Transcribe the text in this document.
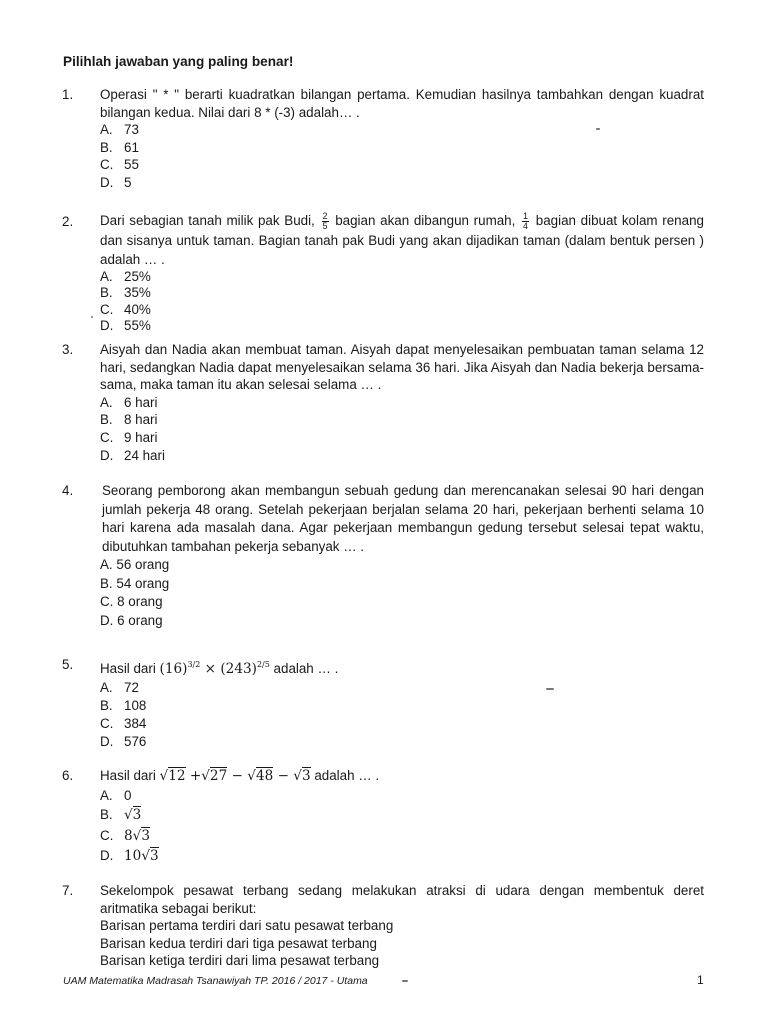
Pilihlah jawaban yang paling benar!
1.	Operasi " * " berarti kuadratkan bilangan pertama. Kemudian hasilnya tambahkan dengan kuadrat bilangan kedua. Nilai dari 8 * (-3) adalah… .
A. 73
B. 61
C. 55
D. 5
2.	Dari sebagian tanah milik pak Budi, $\frac{2}{5}$ bagian akan dibangun rumah, $\frac{1}{4}$ bagian dibuat kolam renang dan sisanya untuk taman. Bagian tanah pak Budi yang akan dijadikan taman (dalam bentuk persen ) adalah … .
A. 25%
B. 35%
C. 40%
D. 55%
3.	Aisyah dan Nadia akan membuat taman. Aisyah dapat menyelesaikan pembuatan taman selama 12 hari, sedangkan Nadia dapat menyelesaikan selama 36 hari. Jika Aisyah dan Nadia bekerja bersama-sama, maka taman itu akan selesai selama … .
A. 6 hari
B. 8 hari
C. 9 hari
D. 24 hari
4.	Seorang pemborong akan membangun sebuah gedung dan merencanakan selesai 90 hari dengan jumlah pekerja 48 orang. Setelah pekerjaan berjalan selama 20 hari, pekerjaan berhenti selama 10 hari karena ada masalah dana. Agar pekerjaan membangun gedung tersebut selesai tepat waktu, dibutuhkan tambahan pekerja sebanyak … .
A. 56 orang
B. 54 orang
C. 8 orang
D. 6 orang
5.	Hasil dari $(16)^{3/2} \times (243)^{2/5}$ adalah … .
A. 72
B. 108
C. 384
D. 576
6.	Hasil dari √12 +√27 − √48 − √3 adalah … .
A. 0
B. √3
C. 8√3
D. 10√3
7.	Sekelompok pesawat terbang sedang melakukan atraksi di udara dengan membentuk deret aritmatika sebagai berikut:
Barisan pertama terdiri dari satu pesawat terbang
Barisan kedua terdiri dari tiga pesawat terbang
Barisan ketiga terdiri dari lima pesawat terbang
UAM Matematika Madrasah Tsanawiyah TP. 2016 / 2017 - Utama	1
